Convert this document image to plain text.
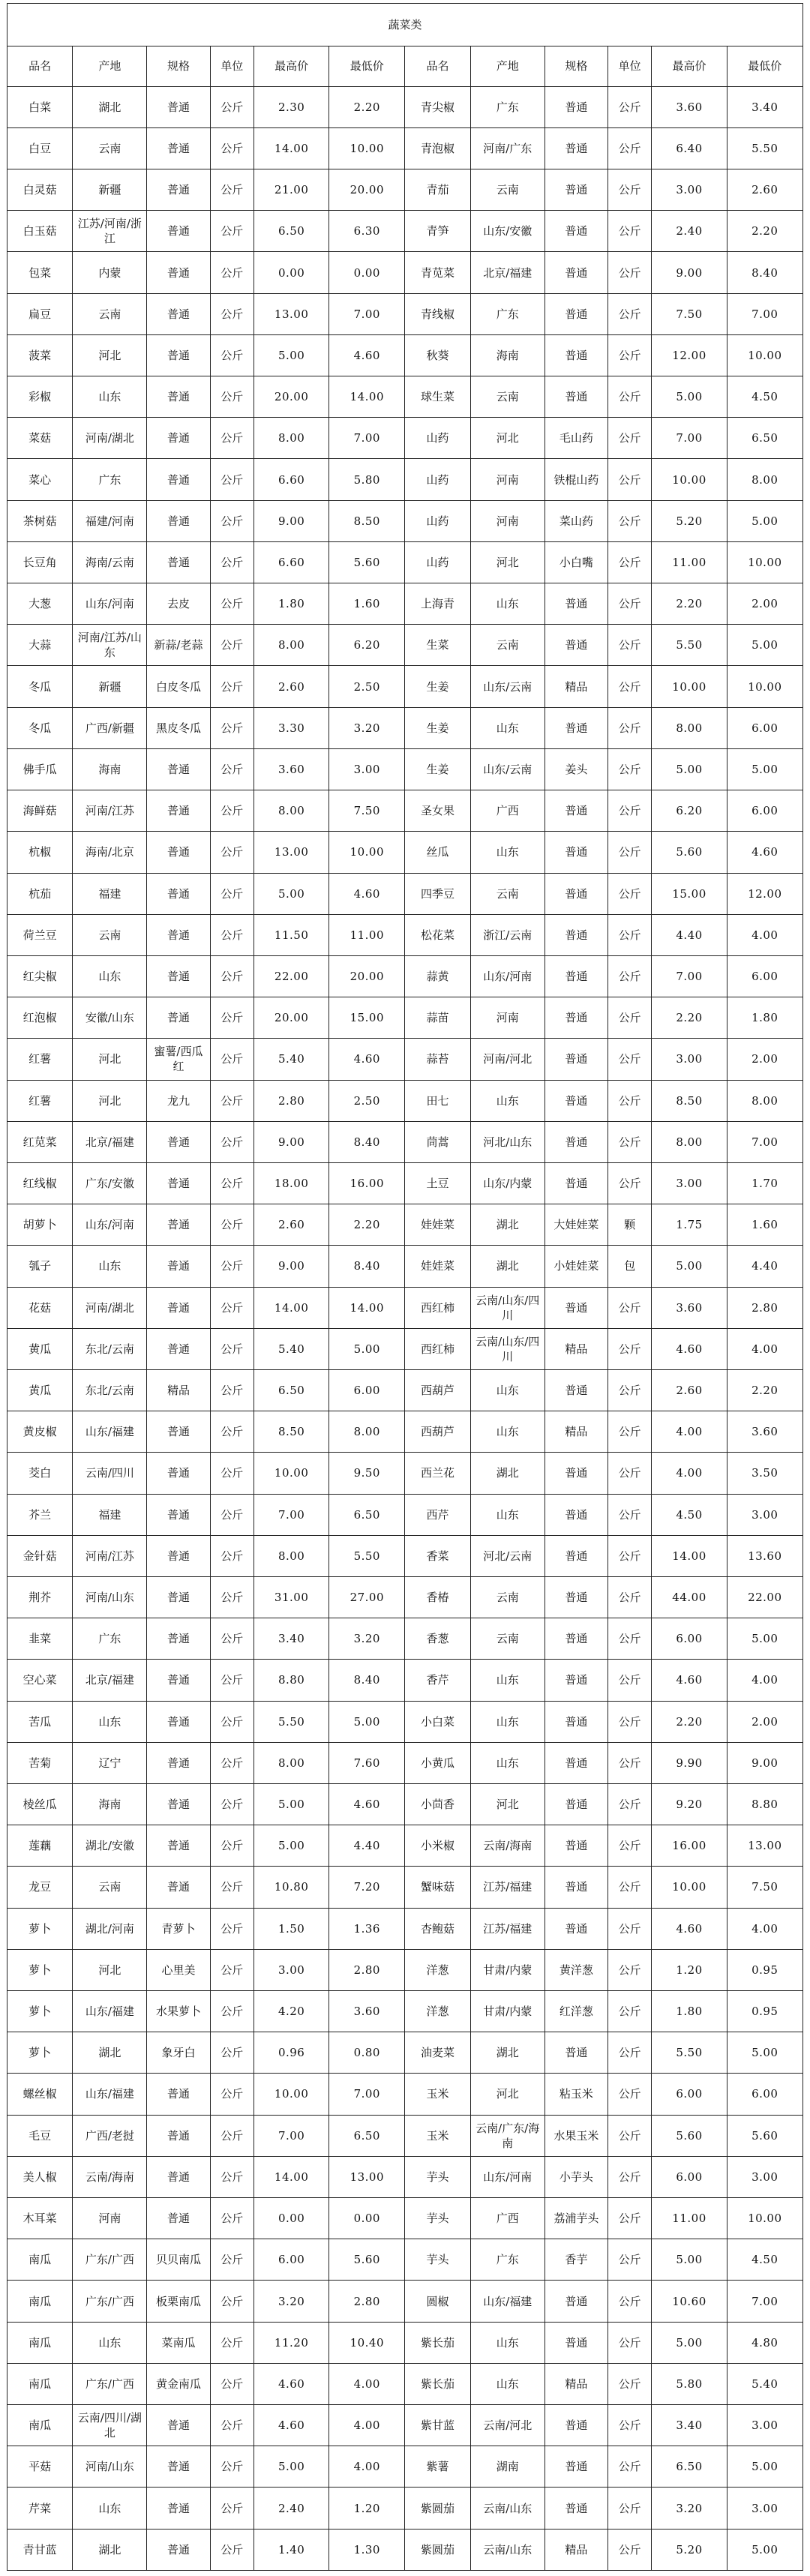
蔬菜类											
品名	产地	规格	单位	最高价	最低价	品名	产地	规格	单位	最高价	最低价
白菜	湖北	普通	公斤	2.30	2.20	青尖椒	广东	普通	公斤	3.60	3.40
白豆	云南	普通	公斤	14.00	10.00	青泡椒	河南/广东	普通	公斤	6.40	5.50
白灵菇	新疆	普通	公斤	21.00	20.00	青茄	云南	普通	公斤	3.00	2.60
白玉菇	江苏/河南/浙江	普通	公斤	6.50	6.30	青笋	山东/安徽	普通	公斤	2.40	2.20
包菜	内蒙	普通	公斤	0.00	0.00	青苋菜	北京/福建	普通	公斤	9.00	8.40
扁豆	云南	普通	公斤	13.00	7.00	青线椒	广东	普通	公斤	7.50	7.00
菠菜	河北	普通	公斤	5.00	4.60	秋葵	海南	普通	公斤	12.00	10.00
彩椒	山东	普通	公斤	20.00	14.00	球生菜	云南	普通	公斤	5.00	4.50
菜菇	河南/湖北	普通	公斤	8.00	7.00	山药	河北	毛山药	公斤	7.00	6.50
菜心	广东	普通	公斤	6.60	5.80	山药	河南	铁棍山药	公斤	10.00	8.00
茶树菇	福建/河南	普通	公斤	9.00	8.50	山药	河南	菜山药	公斤	5.20	5.00
长豆角	海南/云南	普通	公斤	6.60	5.60	山药	河北	小白嘴	公斤	11.00	10.00
大葱	山东/河南	去皮	公斤	1.80	1.60	上海青	山东	普通	公斤	2.20	2.00
大蒜	河南/江苏/山东	新蒜/老蒜	公斤	8.00	6.20	生菜	云南	普通	公斤	5.50	5.00
冬瓜	新疆	白皮冬瓜	公斤	2.60	2.50	生姜	山东/云南	精品	公斤	10.00	10.00
冬瓜	广西/新疆	黑皮冬瓜	公斤	3.30	3.20	生姜	山东	普通	公斤	8.00	6.00
佛手瓜	海南	普通	公斤	3.60	3.00	生姜	山东/云南	姜头	公斤	5.00	5.00
海鲜菇	河南/江苏	普通	公斤	8.00	7.50	圣女果	广西	普通	公斤	6.20	6.00
杭椒	海南/北京	普通	公斤	13.00	10.00	丝瓜	山东	普通	公斤	5.60	4.60
杭茄	福建	普通	公斤	5.00	4.60	四季豆	云南	普通	公斤	15.00	12.00
荷兰豆	云南	普通	公斤	11.50	11.00	松花菜	浙江/云南	普通	公斤	4.40	4.00
红尖椒	山东	普通	公斤	22.00	20.00	蒜黄	山东/河南	普通	公斤	7.00	6.00
红泡椒	安徽/山东	普通	公斤	20.00	15.00	蒜苗	河南	普通	公斤	2.20	1.80
红薯	河北	蜜薯/西瓜红	公斤	5.40	4.60	蒜苔	河南/河北	普通	公斤	3.00	2.00
红薯	河北	龙九	公斤	2.80	2.50	田七	山东	普通	公斤	8.50	8.00
红苋菜	北京/福建	普通	公斤	9.00	8.40	茼蒿	河北/山东	普通	公斤	8.00	7.00
红线椒	广东/安徽	普通	公斤	18.00	16.00	土豆	山东/内蒙	普通	公斤	3.00	1.70
胡萝卜	山东/河南	普通	公斤	2.60	2.20	娃娃菜	湖北	大娃娃菜	颗	1.75	1.60
瓠子	山东	普通	公斤	9.00	8.40	娃娃菜	湖北	小娃娃菜	包	5.00	4.40
花菇	河南/湖北	普通	公斤	14.00	14.00	西红柿	云南/山东/四川	普通	公斤	3.60	2.80
黄瓜	东北/云南	普通	公斤	5.40	5.00	西红柿	云南/山东/四川	精品	公斤	4.60	4.00
黄瓜	东北/云南	精品	公斤	6.50	6.00	西葫芦	山东	普通	公斤	2.60	2.20
黄皮椒	山东/福建	普通	公斤	8.50	8.00	西葫芦	山东	精品	公斤	4.00	3.60
茭白	云南/四川	普通	公斤	10.00	9.50	西兰花	湖北	普通	公斤	4.00	3.50
芥兰	福建	普通	公斤	7.00	6.50	西芹	山东	普通	公斤	4.50	3.00
金针菇	河南/江苏	普通	公斤	8.00	5.50	香菜	河北/云南	普通	公斤	14.00	13.60
荆芥	河南/山东	普通	公斤	31.00	27.00	香椿	云南	普通	公斤	44.00	22.00
韭菜	广东	普通	公斤	3.40	3.20	香葱	云南	普通	公斤	6.00	5.00
空心菜	北京/福建	普通	公斤	8.80	8.40	香芹	山东	普通	公斤	4.60	4.00
苦瓜	山东	普通	公斤	5.50	5.00	小白菜	山东	普通	公斤	2.20	2.00
苦菊	辽宁	普通	公斤	8.00	7.60	小黄瓜	山东	普通	公斤	9.90	9.00
棱丝瓜	海南	普通	公斤	5.00	4.60	小茴香	河北	普通	公斤	9.20	8.80
莲藕	湖北/安徽	普通	公斤	5.00	4.40	小米椒	云南/海南	普通	公斤	16.00	13.00
龙豆	云南	普通	公斤	10.80	7.20	蟹味菇	江苏/福建	普通	公斤	10.00	7.50
萝卜	湖北/河南	青萝卜	公斤	1.50	1.36	杏鲍菇	江苏/福建	普通	公斤	4.60	4.00
萝卜	河北	心里美	公斤	3.00	2.80	洋葱	甘肃/内蒙	黄洋葱	公斤	1.20	0.95
萝卜	山东/福建	水果萝卜	公斤	4.20	3.60	洋葱	甘肃/内蒙	红洋葱	公斤	1.80	0.95
萝卜	湖北	象牙白	公斤	0.96	0.80	油麦菜	湖北	普通	公斤	5.50	5.00
螺丝椒	山东/福建	普通	公斤	10.00	7.00	玉米	河北	粘玉米	公斤	6.00	6.00
毛豆	广西/老挝	普通	公斤	7.00	6.50	玉米	云南/广东/海南	水果玉米	公斤	5.60	5.60
美人椒	云南/海南	普通	公斤	14.00	13.00	芋头	山东/河南	小芋头	公斤	6.00	3.00
木耳菜	河南	普通	公斤	0.00	0.00	芋头	广西	荔浦芋头	公斤	11.00	10.00
南瓜	广东/广西	贝贝南瓜	公斤	6.00	5.60	芋头	广东	香芋	公斤	5.00	4.50
南瓜	广东/广西	板栗南瓜	公斤	3.20	2.80	圆椒	山东/福建	普通	公斤	10.60	7.00
南瓜	山东	菜南瓜	公斤	11.20	10.40	紫长茄	山东	普通	公斤	5.00	4.80
南瓜	广东/广西	黄金南瓜	公斤	4.60	4.00	紫长茄	山东	精品	公斤	5.80	5.40
南瓜	云南/四川/湖北	普通	公斤	4.60	4.00	紫甘蓝	云南/河北	普通	公斤	3.40	3.00
平菇	河南/山东	普通	公斤	5.00	4.00	紫薯	湖南	普通	公斤	6.50	5.00
芹菜	山东	普通	公斤	2.40	1.20	紫圆茄	云南/山东	普通	公斤	3.20	3.00
青甘蓝	湖北	普通	公斤	1.40	1.30	紫圆茄	云南/山东	精品	公斤	5.20	5.00
